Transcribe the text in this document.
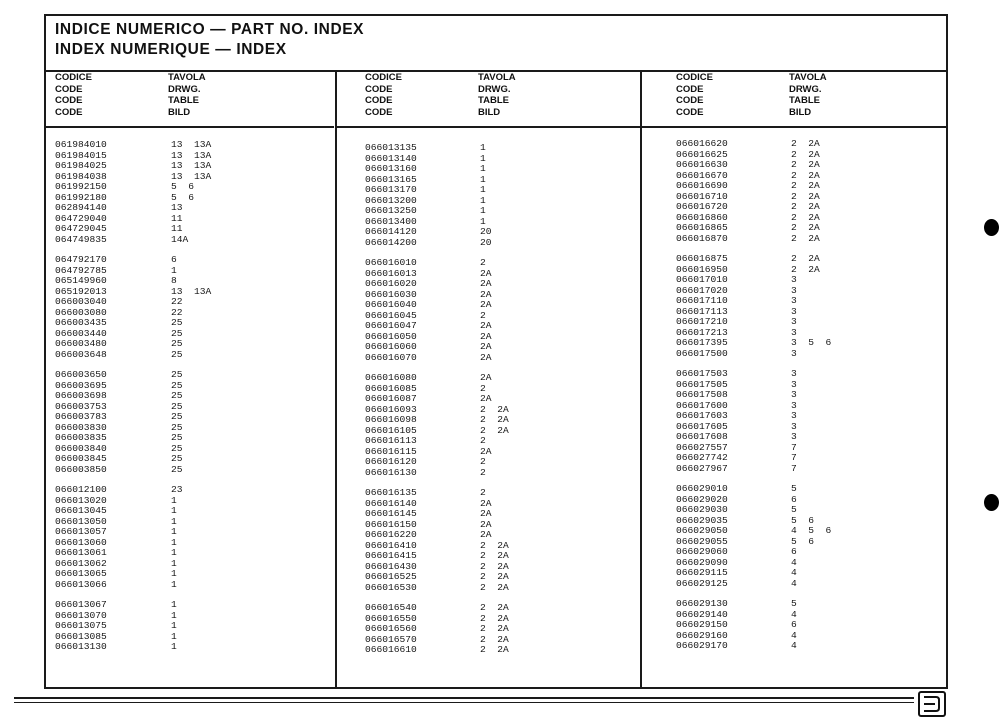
INDICE NUMERICO — PART NO. INDEX
INDEX NUMERIQUE — INDEX
CODICE
CODE
CODE
CODE
TAVOLA
DRWG.
TABLE
BILD
061984010	13  13A
061984015	13  13A
061984025	13  13A
061984038	13  13A
061992150	5  6
061992180	5  6
062894140	13
064729040	11
064729045	11
064749835	14A
064792170	6
064792785	1
065149960	8
065192013	13  13A
066003040	22
066003080	22
066003435	25
066003440	25
066003480	25
066003648	25
066003650	25
066003695	25
066003698	25
066003753	25
066003783	25
066003830	25
066003835	25
066003840	25
066003845	25
066003850	25
066012100	23
066013020	1
066013045	1
066013050	1
066013057	1
066013060	1
066013061	1
066013062	1
066013065	1
066013066	1
066013067	1
066013070	1
066013075	1
066013085	1
066013130	1
CODICE
CODE
CODE
CODE
TAVOLA
DRWG.
TABLE
BILD
066013135	1
066013140	1
066013160	1
066013165	1
066013170	1
066013200	1
066013250	1
066013400	1
066014120	20
066014200	20
066016010	2
066016013	2A
066016020	2A
066016030	2A
066016040	2A
066016045	2
066016047	2A
066016050	2A
066016060	2A
066016070	2A
066016080	2A
066016085	2
066016087	2A
066016093	2  2A
066016098	2  2A
066016105	2  2A
066016113	2
066016115	2A
066016120	2
066016130	2
066016135	2
066016140	2A
066016145	2A
066016150	2A
066016220	2A
066016410	2  2A
066016415	2  2A
066016430	2  2A
066016525	2  2A
066016530	2  2A
066016540	2  2A
066016550	2  2A
066016560	2  2A
066016570	2  2A
066016610	2  2A
CODICE
CODE
CODE
CODE
TAVOLA
DRWG.
TABLE
BILD
066016620	2  2A
066016625	2  2A
066016630	2  2A
066016670	2  2A
066016690	2  2A
066016710	2  2A
066016720	2  2A
066016860	2  2A
066016865	2  2A
066016870	2  2A
066016875	2  2A
066016950	2  2A
066017010	3
066017020	3
066017110	3
066017113	3
066017210	3
066017213	3
066017395	3  5  6
066017500	3
066017503	3
066017505	3
066017508	3
066017600	3
066017603	3
066017605	3
066017608	3
066027557	7
066027742	7
066027967	7
066029010	5
066029020	6
066029030	5
066029035	5  6
066029050	4  5  6
066029055	5  6
066029060	6
066029090	4
066029115	4
066029125	4
066029130	5
066029140	4
066029150	6
066029160	4
066029170	4
